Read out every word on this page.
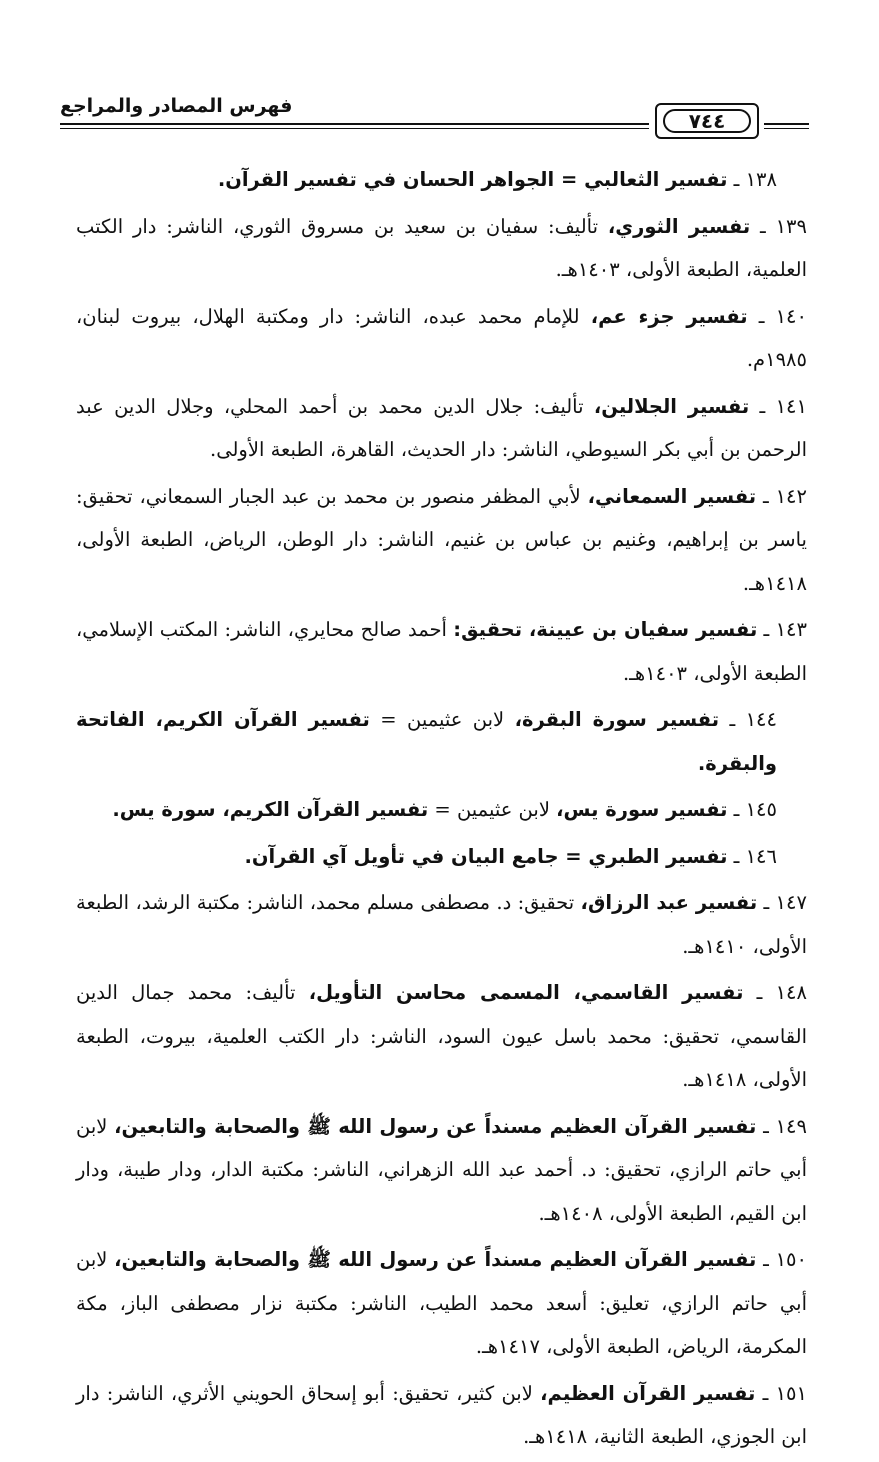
فهرس المصادر والمراجع
٧٤٤
١٣٨ ـ تفسير الثعالبي = الجواهر الحسان في تفسير القرآن.
١٣٩ ـ تفسير الثوري، تأليف: سفيان بن سعيد بن مسروق الثوري، الناشر: دار الكتب العلمية، الطبعة الأولى، ١٤٠٣هـ.
١٤٠ ـ تفسير جزء عم، للإمام محمد عبده، الناشر: دار ومكتبة الهلال، بيروت لبنان، ١٩٨٥م.
١٤١ ـ تفسير الجلالين، تأليف: جلال الدين محمد بن أحمد المحلي، وجلال الدين عبد الرحمن بن أبي بكر السيوطي، الناشر: دار الحديث، القاهرة، الطبعة الأولى.
١٤٢ ـ تفسير السمعاني، لأبي المظفر منصور بن محمد بن عبد الجبار السمعاني، تحقيق: ياسر بن إبراهيم، وغنيم بن عباس بن غنيم، الناشر: دار الوطن، الرياض، الطبعة الأولى، ١٤١٨هـ.
١٤٣ ـ تفسير سفيان بن عيينة، تحقيق: أحمد صالح محايري، الناشر: المكتب الإسلامي، الطبعة الأولى، ١٤٠٣هـ.
١٤٤ ـ تفسير سورة البقرة، لابن عثيمين = تفسير القرآن الكريم، الفاتحة والبقرة.
١٤٥ ـ تفسير سورة يس، لابن عثيمين = تفسير القرآن الكريم، سورة يس.
١٤٦ ـ تفسير الطبري = جامع البيان في تأويل آي القرآن.
١٤٧ ـ تفسير عبد الرزاق، تحقيق: د. مصطفى مسلم محمد، الناشر: مكتبة الرشد، الطبعة الأولى، ١٤١٠هـ.
١٤٨ ـ تفسير القاسمي، المسمى محاسن التأويل، تأليف: محمد جمال الدين القاسمي، تحقيق: محمد باسل عيون السود، الناشر: دار الكتب العلمية، بيروت، الطبعة الأولى، ١٤١٨هـ.
١٤٩ ـ تفسير القرآن العظيم مسنداً عن رسول الله ﷺ والصحابة والتابعين، لابن أبي حاتم الرازي، تحقيق: د. أحمد عبد الله الزهراني، الناشر: مكتبة الدار، ودار طيبة، ودار ابن القيم، الطبعة الأولى، ١٤٠٨هـ.
١٥٠ ـ تفسير القرآن العظيم مسنداً عن رسول الله ﷺ والصحابة والتابعين، لابن أبي حاتم الرازي، تعليق: أسعد محمد الطيب، الناشر: مكتبة نزار مصطفى الباز، مكة المكرمة، الرياض، الطبعة الأولى، ١٤١٧هـ.
١٥١ ـ تفسير القرآن العظيم، لابن كثير، تحقيق: أبو إسحاق الحويني الأثري، الناشر: دار ابن الجوزي، الطبعة الثانية، ١٤١٨هـ.
